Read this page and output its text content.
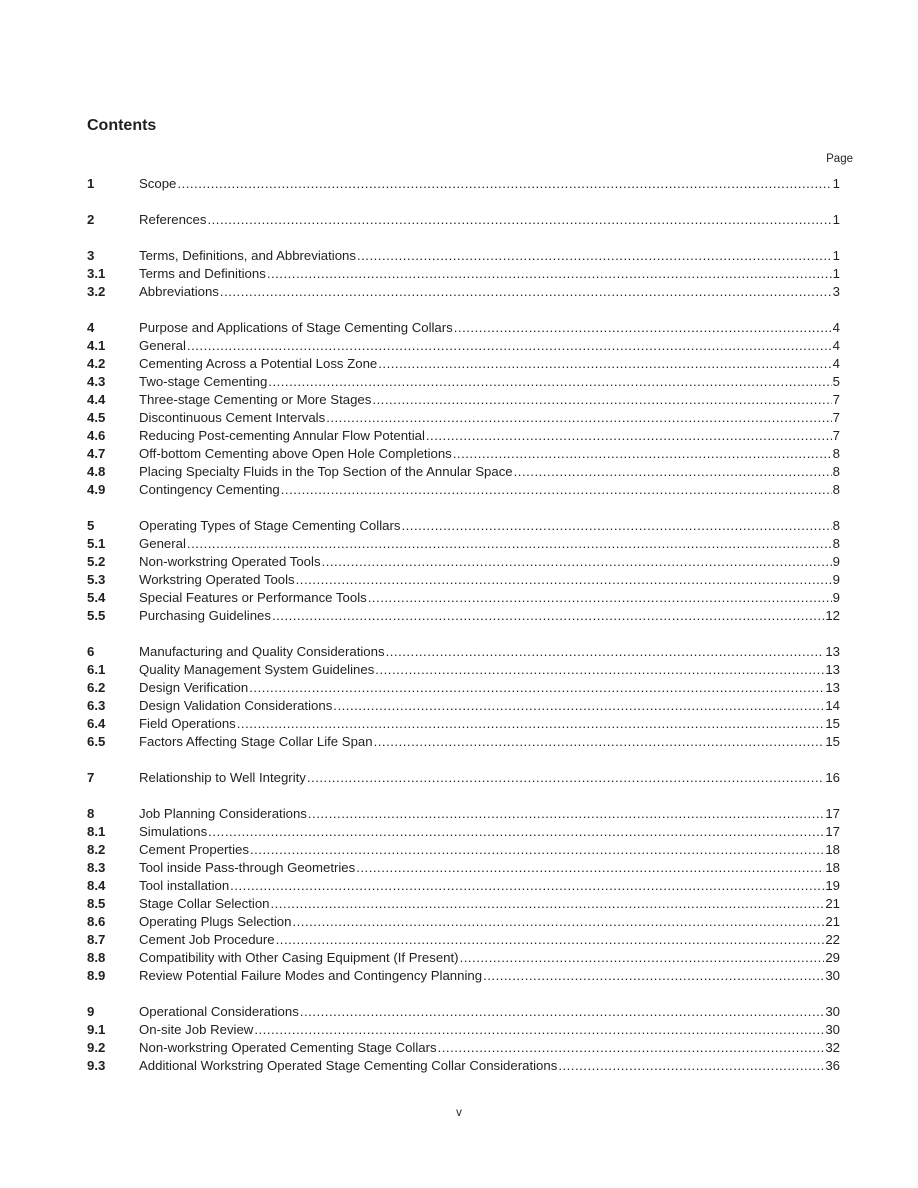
Contents
Page
1	Scope .....	1
2	References .....	1
3	Terms, Definitions, and Abbreviations .....	1
3.1	Terms and Definitions .....	1
3.2	Abbreviations .....	3
4	Purpose and Applications of Stage Cementing Collars .....	4
4.1	General .....	4
4.2	Cementing Across a Potential Loss Zone .....	4
4.3	Two-stage Cementing .....	5
4.4	Three-stage Cementing or More Stages .....	7
4.5	Discontinuous Cement Intervals .....	7
4.6	Reducing Post-cementing Annular Flow Potential .....	7
4.7	Off-bottom Cementing above Open Hole Completions .....	8
4.8	Placing Specialty Fluids in the Top Section of the Annular Space .....	8
4.9	Contingency Cementing .....	8
5	Operating Types of Stage Cementing Collars .....	8
5.1	General .....	8
5.2	Non-workstring Operated Tools .....	9
5.3	Workstring Operated Tools .....	9
5.4	Special Features or Performance Tools .....	9
5.5	Purchasing Guidelines .....	12
6	Manufacturing and Quality Considerations .....	13
6.1	Quality Management System Guidelines .....	13
6.2	Design Verification .....	13
6.3	Design Validation Considerations .....	14
6.4	Field Operations .....	15
6.5	Factors Affecting Stage Collar Life Span .....	15
7	Relationship to Well Integrity .....	16
8	Job Planning Considerations .....	17
8.1	Simulations .....	17
8.2	Cement Properties .....	18
8.3	Tool inside Pass-through Geometries .....	18
8.4	Tool installation .....	19
8.5	Stage Collar Selection .....	21
8.6	Operating Plugs Selection .....	21
8.7	Cement Job Procedure .....	22
8.8	Compatibility with Other Casing Equipment (If Present) .....	29
8.9	Review Potential Failure Modes and Contingency Planning .....	30
9	Operational Considerations .....	30
9.1	On-site Job Review .....	30
9.2	Non-workstring Operated Cementing Stage Collars .....	32
9.3	Additional Workstring Operated Stage Cementing Collar Considerations .....	36
v
